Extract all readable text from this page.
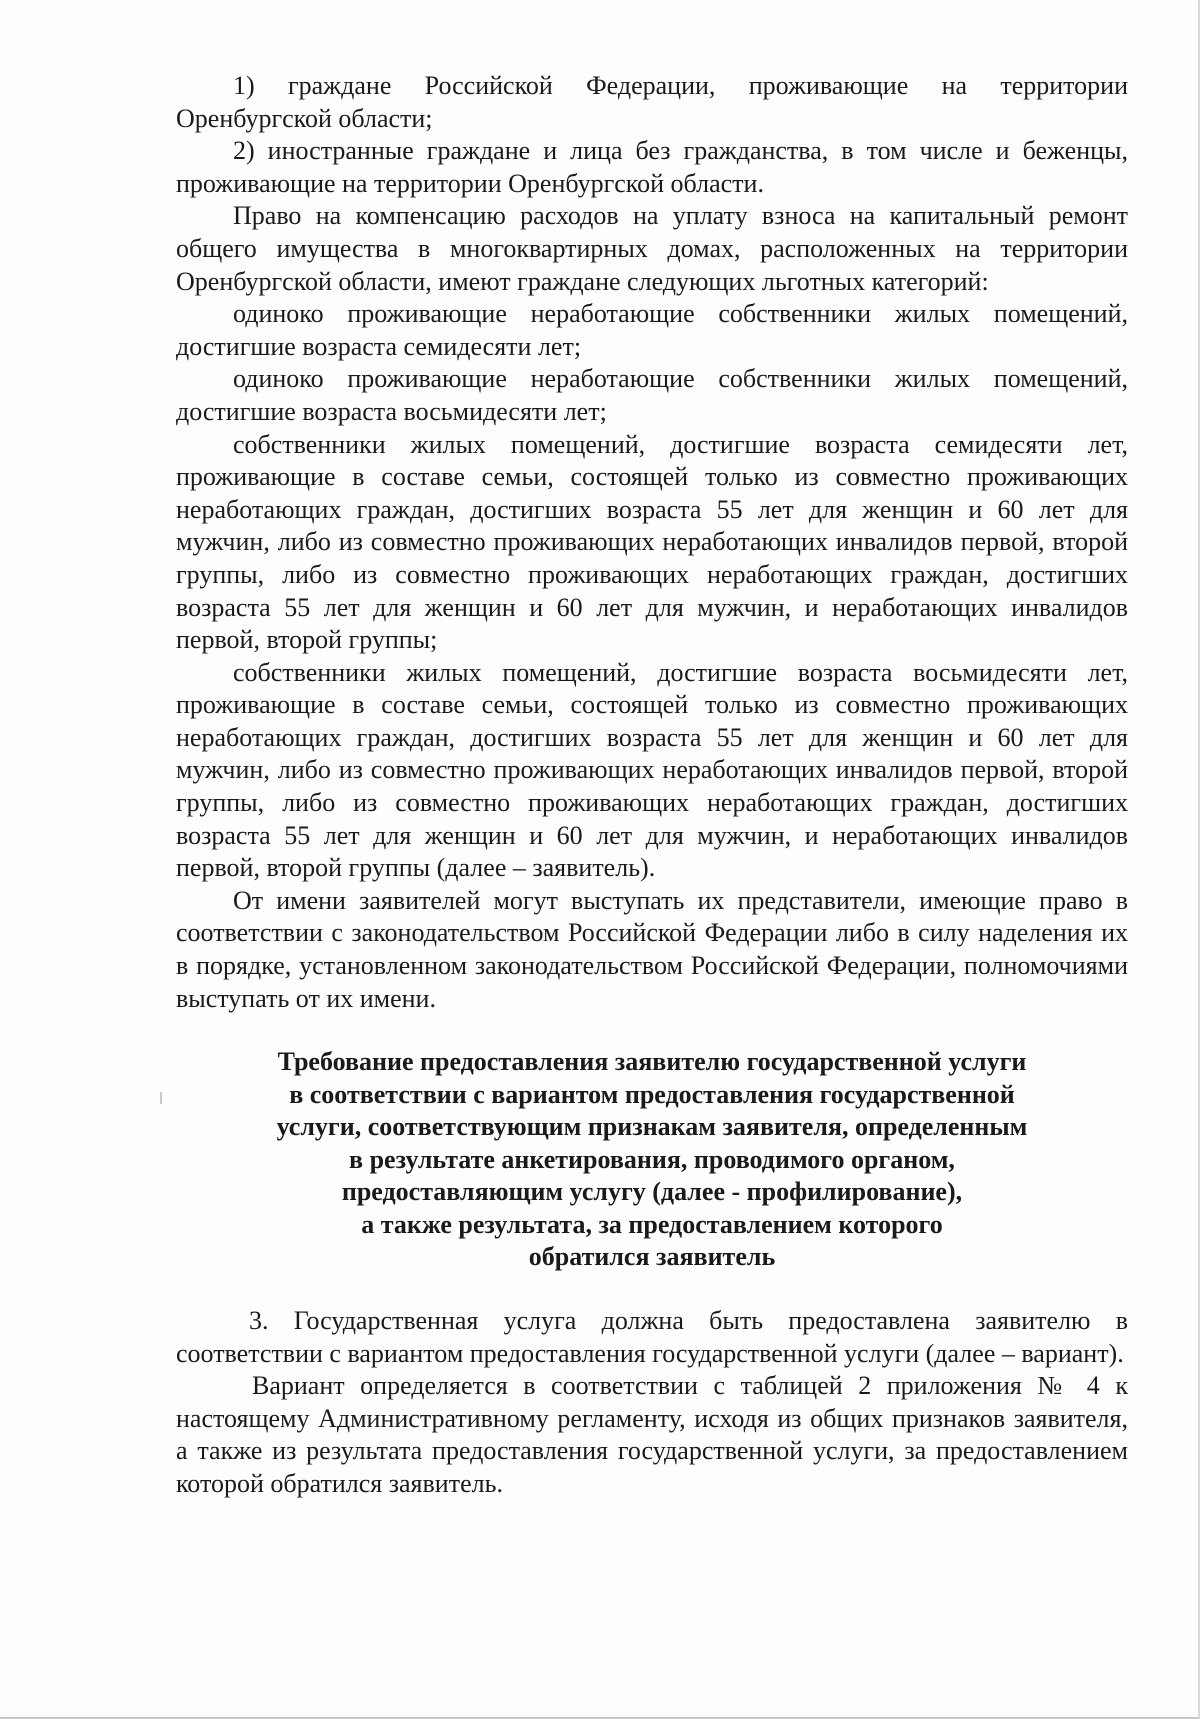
1) граждане Российской Федерации, проживающие на территории Оренбургской области;

2) иностранные граждане и лица без гражданства, в том числе и беженцы, проживающие на территории Оренбургской области.

Право на компенсацию расходов на уплату взноса на капитальный ремонт общего имущества в многоквартирных домах, расположенных на территории Оренбургской области, имеют граждане следующих льготных категорий:

одиноко проживающие неработающие собственники жилых помещений, достигшие возраста семидесяти лет;

одиноко проживающие неработающие собственники жилых помещений, достигшие возраста восьмидесяти лет;

собственники жилых помещений, достигшие возраста семидесяти лет, проживающие в составе семьи, состоящей только из совместно проживающих неработающих граждан, достигших возраста 55 лет для женщин и 60 лет для мужчин, либо из совместно проживающих неработающих инвалидов первой, второй группы, либо из совместно проживающих неработающих граждан, достигших возраста 55 лет для женщин и 60 лет для мужчин, и неработающих инвалидов первой, второй группы;

собственники жилых помещений, достигшие возраста восьмидесяти лет, проживающие в составе семьи, состоящей только из совместно проживающих неработающих граждан, достигших возраста 55 лет для женщин и 60 лет для мужчин, либо из совместно проживающих неработающих инвалидов первой, второй группы, либо из совместно проживающих неработающих граждан, достигших возраста 55 лет для женщин и 60 лет для мужчин, и неработающих инвалидов первой, второй группы (далее – заявитель).

От имени заявителей могут выступать их представители, имеющие право в соответствии с законодательством Российской Федерации либо в силу наделения их в порядке, установленном законодательством Российской Федерации, полномочиями выступать от их имени.

Требование предоставления заявителю государственной услуги
в соответствии с вариантом предоставления государственной
услуги, соответствующим признакам заявителя, определенным
в результате анкетирования, проводимого органом,
предоставляющим услугу (далее - профилирование),
а также результата, за предоставлением которого
обратился заявитель

3. Государственная услуга должна быть предоставлена заявителю в соответствии с вариантом предоставления государственной услуги (далее – вариант).

Вариант определяется в соответствии с таблицей 2 приложения № 4 к настоящему Административному регламенту, исходя из общих признаков заявителя, а также из результата предоставления государственной услуги, за предоставлением которой обратился заявитель.
